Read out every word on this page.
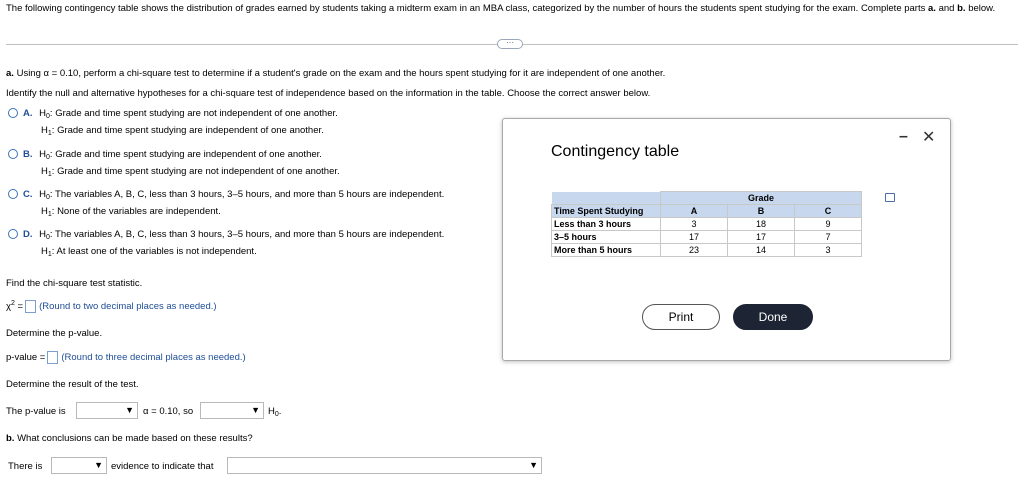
The following contingency table shows the distribution of grades earned by students taking a midterm exam in an MBA class, categorized by the number of hours the students spent studying for the exam. Complete parts a. and b. below.
⋯
a. Using α = 0.10, perform a chi-square test to determine if a student's grade on the exam and the hours spent studying for it are independent of one another.
Identify the null and alternative hypotheses for a chi-square test of independence based on the information in the table. Choose the correct answer below.
A. $H_0$: Grade and time spent studying are not independent of one another.
$H_1$: Grade and time spent studying are independent of one another.
B. $H_0$: Grade and time spent studying are independent of one another.
$H_1$: Grade and time spent studying are not independent of one another.
C. $H_0$: The variables A, B, C, less than 3 hours, 3–5 hours, and more than 5 hours are independent.
$H_1$: None of the variables are independent.
D. $H_0$: The variables A, B, C, less than 3 hours, 3–5 hours, and more than 5 hours are independent.
$H_1$: At least one of the variables is not independent.
Find the chi-square test statistic.
$\chi^2$ = (Round to two decimal places as needed.)
Determine the p-value.
p-value = (Round to three decimal places as needed.)
Determine the result of the test.
The p-value is	▼ α = 0.10, so	▼ $H_0$.
b. What conclusions can be made based on these results?
There is	▼ evidence to indicate that	▼
Contingency table
– ✕
	Grade		
Time Spent Studying	A	B	C
Less than 3 hours	3	18	9
3–5 hours	17	17	7
More than 5 hours	23	14	3
Print	Done
